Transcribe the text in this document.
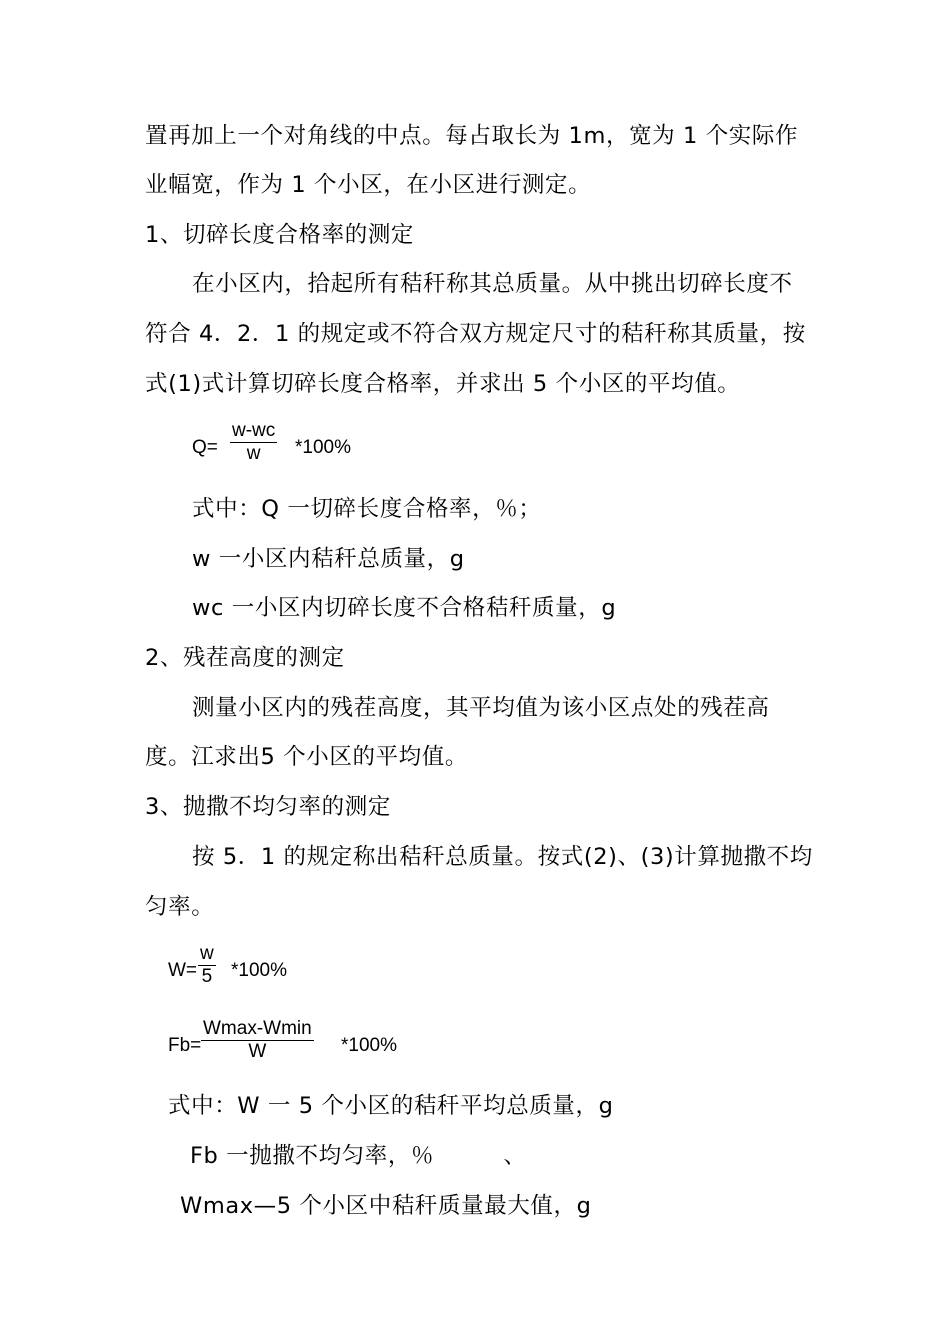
置再加上一个对角线的中点。每占取长为 1m，宽为 1 个实际作
业幅宽，作为 1 个小区，在小区进行测定。
1、切碎长度合格率的测定
在小区内，拾起所有秸秆称其总质量。从中挑出切碎长度不
符合 4．2．1 的规定或不符合双方规定尺寸的秸秆称其质量，按
式(1)式计算切碎长度合格率，并求出 5 个小区的平均值。
Q=
w-wc
w *100%
式中：Q 一切碎长度合格率，％；
w 一小区内秸秆总质量，g
wc 一小区内切碎长度不合格秸秆质量，g
2、残茬高度的测定
测量小区内的残茬高度，其平均值为该小区点处的残茬高
度。江求出5 个小区的平均值。
3、抛撒不均匀率的测定
按 5．1 的规定称出秸秆总质量。按式(2)、(3)计算抛撒不均
匀率。
W=
w
5 *100%
Fb=
Wmax-Wmin
W	*100%
式中：W 一 5 个小区的秸秆平均总质量，g
Fb 一抛撒不均匀率，％　　　、
Wmax—5 个小区中秸秆质量最大值，g
